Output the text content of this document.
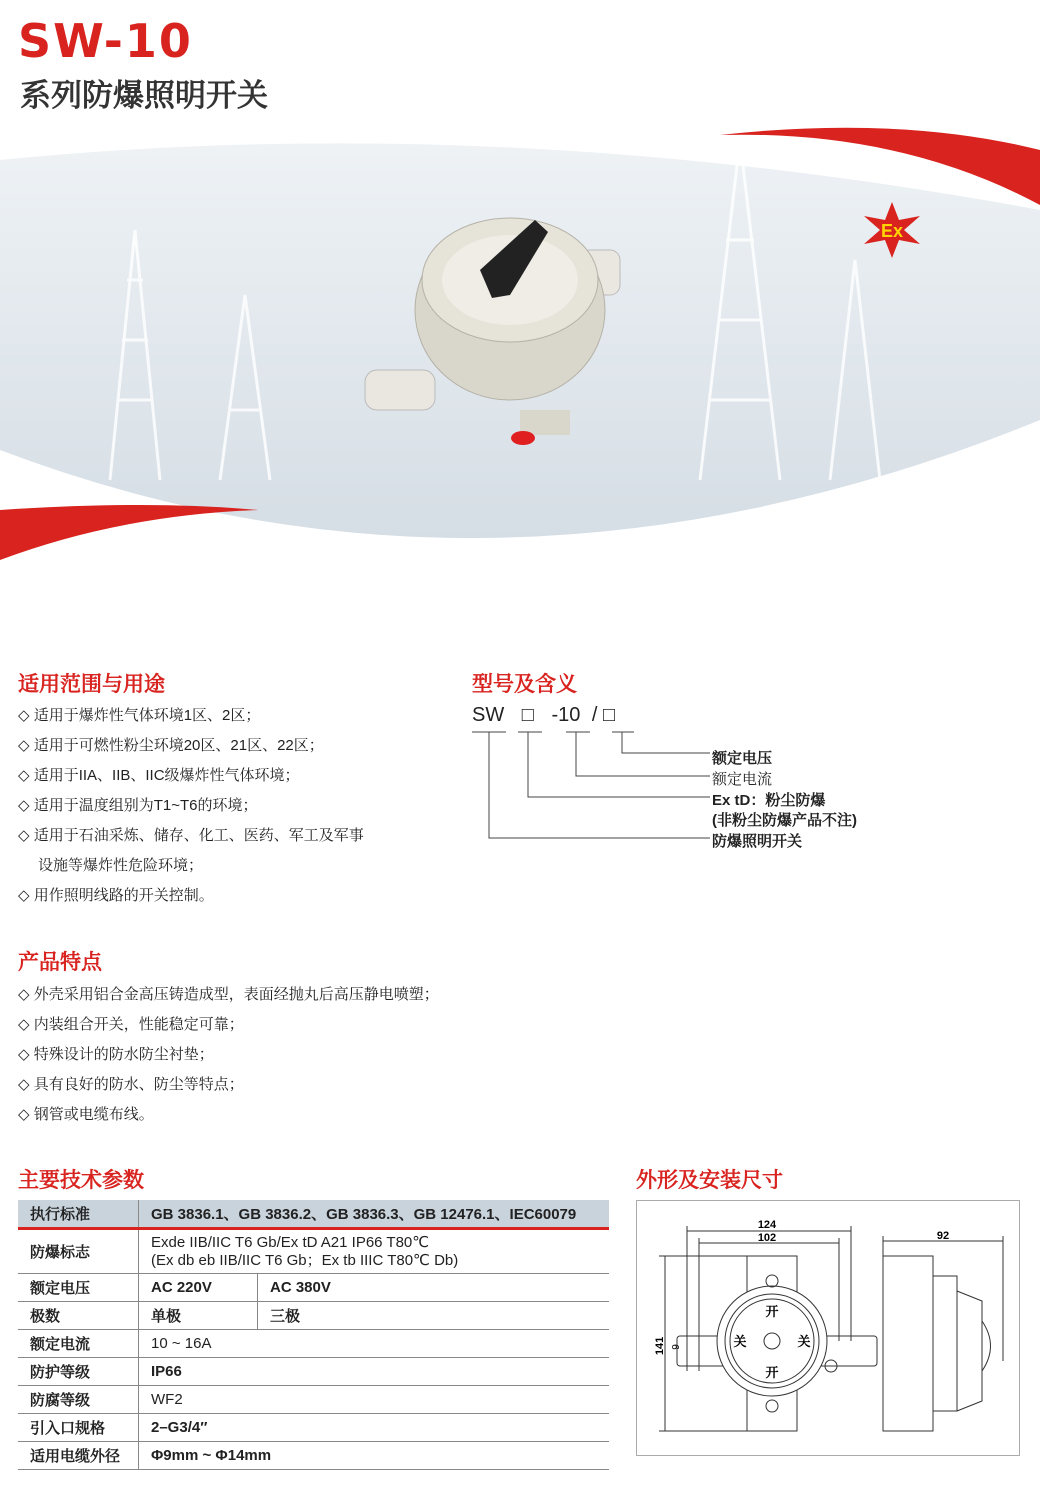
SW-10
系列防爆照明开关
Ex
适用范围与用途
◇ 适用于爆炸性气体环境1区、2区；
◇ 适用于可燃性粉尘环境20区、21区、22区；
◇ 适用于IIA、IIB、IIC级爆炸性气体环境；
◇ 适用于温度组别为T1~T6的环境；
◇ 适用于石油采炼、储存、化工、医药、军工及军事
设施等爆炸性危险环境；
◇ 用作照明线路的开关控制。
型号及含义
SW □ -10 / □
额定电压
额定电流
Ex tD：粉尘防爆
(非粉尘防爆产品不注)
防爆照明开关
产品特点
◇ 外壳采用铝合金高压铸造成型，表面经抛丸后高压静电喷塑；
◇ 内装组合开关，性能稳定可靠；
◇ 特殊设计的防水防尘衬垫；
◇ 具有良好的防水、防尘等特点；
◇ 钢管或电缆布线。
主要技术参数
执行标准	GB 3836.1、GB 3836.2、GB 3836.3、GB 12476.1、IEC60079	
防爆标志	Exde IIB/IIC T6 Gb/Ex tD A21 IP66 T80℃
(Ex db eb IIB/IIC T6 Gb；Ex tb IIIC T80℃ Db)	

额定电压	AC 220V	AC 380V
极数	单极	三极
额定电流	10 ~ 16A	
防护等级	IP66	
防腐等级	WF2	
引入口规格	2–G3/4″	
适用电缆外径	Φ9mm ~ Φ14mm	
外形及安装尺寸
124
102	92
141 9
开
开
关	关
